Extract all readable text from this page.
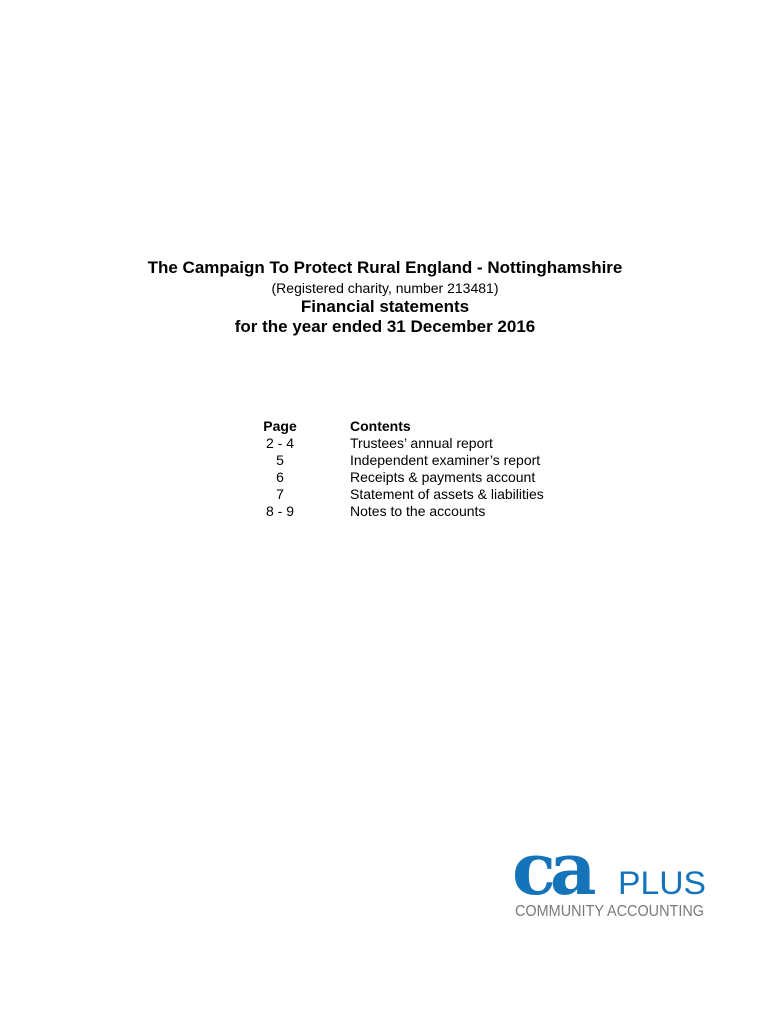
The Campaign To Protect Rural England - Nottinghamshire

(Registered charity, number 213481)

Financial statements

for the year ended 31 December 2016

Page	Contents
2 - 4	Trustees’ annual report
5	Independent examiner’s report
6	Receipts & payments account
7	Statement of assets & liabilities
8 - 9	Notes to the accounts
ca PLUS
COMMUNITY ACCOUNTING
